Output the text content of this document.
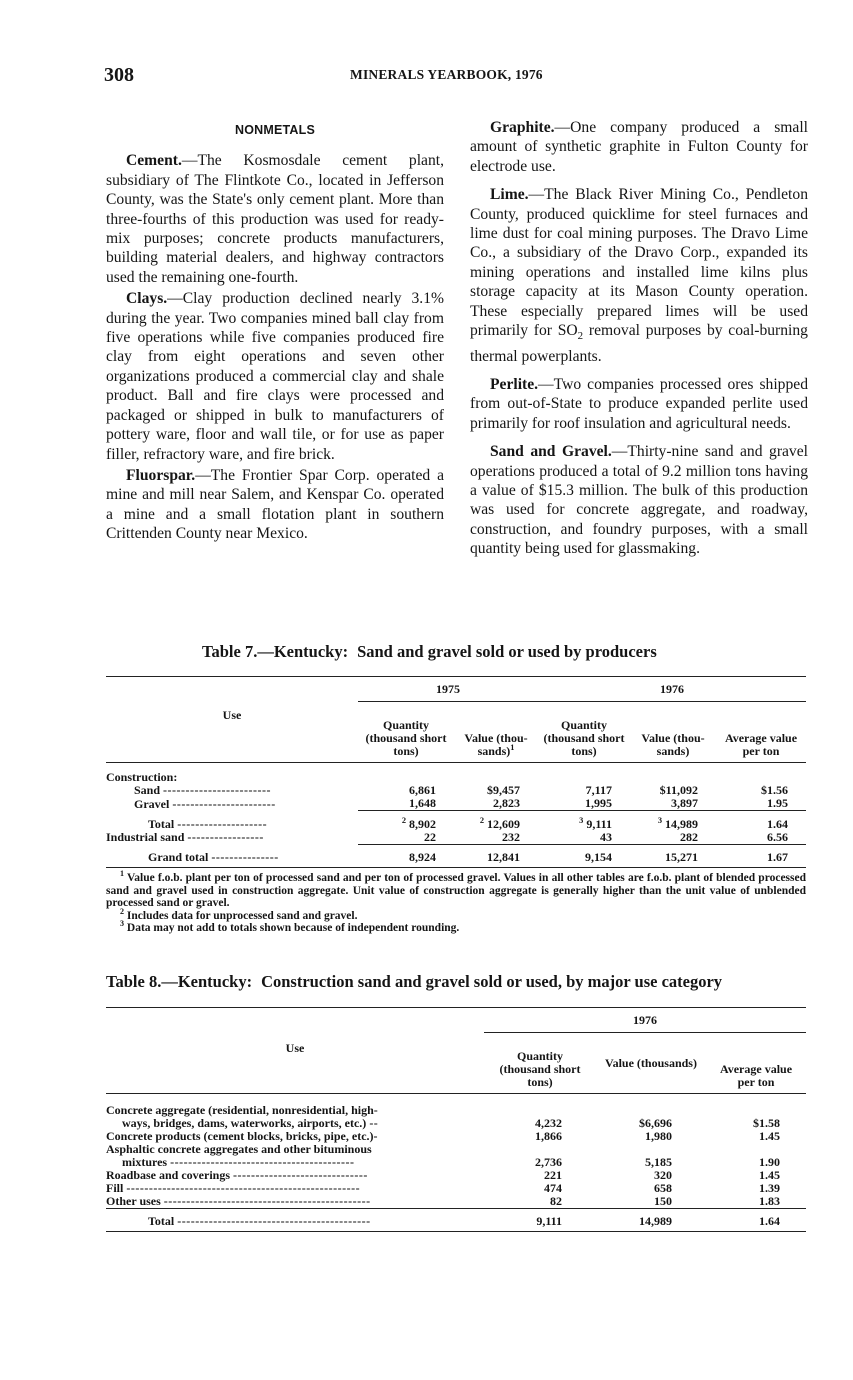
308	MINERALS YEARBOOK, 1976
NONMETALS

Cement.—The Kosmosdale cement plant, subsidiary of The Flintkote Co., located in Jefferson County, was the State's only cement plant. More than three-fourths of this production was used for ready-mix purposes; concrete products manufacturers, building material dealers, and highway contractors used the remaining one-fourth.

Clays.—Clay production declined nearly 3.1% during the year. Two companies mined ball clay from five operations while five companies produced fire clay from eight operations and seven other organizations produced a commercial clay and shale product. Ball and fire clays were processed and packaged or shipped in bulk to manufacturers of pottery ware, floor and wall tile, or for use as paper filler, refractory ware, and fire brick.

Fluorspar.—The Frontier Spar Corp. operated a mine and mill near Salem, and Kenspar Co. operated a mine and a small flotation plant in southern Crittenden County near Mexico.

Graphite.—One company produced a small amount of synthetic graphite in Fulton County for electrode use.

Lime.—The Black River Mining Co., Pendleton County, produced quicklime for steel furnaces and lime dust for coal mining purposes. The Dravo Lime Co., a subsidiary of the Dravo Corp., expanded its mining operations and installed lime kilns plus storage capacity at its Mason County operation. These especially prepared limes will be used primarily for $SO_2$ removal purposes by coal-burning thermal powerplants.

Perlite.—Two companies processed ores shipped from out-of-State to produce expanded perlite used primarily for roof insulation and agricultural needs.

Sand and Gravel.—Thirty-nine sand and gravel operations produced a total of 9.2 million tons having a value of $15.3 million. The bulk of this production was used for concrete aggregate, and roadway, construction, and foundry purposes, with a small quantity being used for glassmaking.

Table 7.—Kentucky: Sand and gravel sold or used by producers
Use	1975		1976		
	Quantity (thousand short tons)	Value (thou- sands)$^1$	Quantity (thousand short tons)	Value (thou- sands)	Average value per ton
Construction:					
Sand ------------------------	6,861	$9,457	7,117	$11,092	$1.56
Gravel -----------------------	1,648	2,823	1,995	3,897	1.95
Total --------------------	$^2$ 8,902	$^2$ 12,609	$^3$ 9,111	$^3$ 14,989	1.64
Industrial sand -----------------	22	232	43	282	6.56
Grand total ---------------	8,924	12,841	9,154	15,271	1.67

$^1$ Value f.o.b. plant per ton of processed sand and per ton of processed gravel. Values in all other tables are f.o.b. plant of blended processed sand and gravel used in construction aggregate. Unit value of construction aggregate is generally higher than the unit value of unblended processed sand or gravel.

$^2$ Includes data for unprocessed sand and gravel.

$^3$ Data may not add to totals shown because of independent rounding.

Table 8.—Kentucky: Construction sand and gravel sold or used, by major use category
Use	1976		
	Quantity (thousand short tons)	Value (thousands)	Average value per ton
Concrete aggregate (residential, nonresidential, high-			
ways, bridges, dams, waterworks, airports, etc.) --	4,232	$6,696	$1.58
Concrete products (cement blocks, bricks, pipe, etc.)-	1,866	1,980	1.45
Asphaltic concrete aggregates and other bituminous			
mixtures -----------------------------------------	2,736	5,185	1.90
Roadbase and coverings ------------------------------	221	320	1.45
Fill ----------------------------------------------------	474	658	1.39
Other uses ----------------------------------------------	82	150	1.83
Total -------------------------------------------	9,111	14,989	1.64
